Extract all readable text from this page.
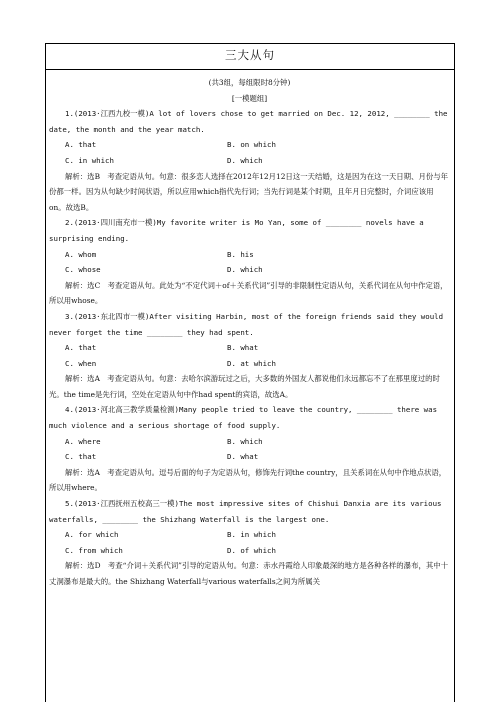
三大从句

(共3组，每组限时8分钟)

[一模题组]

1.(2013·江西九校一模)A lot of lovers chose to get married on Dec. 12, 2012, ________ the date, the month and the year match.

A. that	B. on which
C. in which	D. which

解析：选B　考查定语从句。句意：很多恋人选择在2012年12月12日这一天结婚，这是因为在这一天日期、月份与年份都一样。因为从句缺少时间状语，所以应用which指代先行词；当先行词是某个时期，且年月日完整时，介词应该用on。故选B。

2.(2013·四川南充市一模)My favorite writer is Mo Yan, some of ________ novels have a surprising ending.

A. whom	B. his
C. whose	D. which

解析：选C　考查定语从句。此处为“不定代词＋of＋关系代词”引导的非限制性定语从句，关系代词在从句中作定语，所以用whose。

3.(2013·东北四市一模)After visiting Harbin, most of the foreign friends said they would never forget the time ________ they had spent.

A. that	B. what
C. when	D. at which

解析：选A　考查定语从句。句意：去哈尔滨游玩过之后，大多数的外国友人都说他们永远都忘不了在那里度过的时光。the time是先行词，空处在定语从句中作had spent的宾语，故选A。

4.(2013·河北高三教学质量检测)Many people tried to leave the country, ________ there was much violence and a serious shortage of food supply.

A. where	B. which
C. that	D. what

解析：选A　考查定语从句。逗号后面的句子为定语从句，修饰先行词the country，且关系词在从句中作地点状语，所以用where。

5.(2013·江西抚州五校高三一模)The most impressive sites of Chishui Danxia are its various waterfalls, ________ the Shizhang Waterfall is the largest one.

A. for which	B. in which
C. from which	D. of which

解析：选D　考查“介词＋关系代词”引导的定语从句。句意：赤水丹霞给人印象最深的地方是各种各样的瀑布，其中十丈洞瀑布是最大的。the Shizhang Waterfall与various waterfalls之间为所属关
